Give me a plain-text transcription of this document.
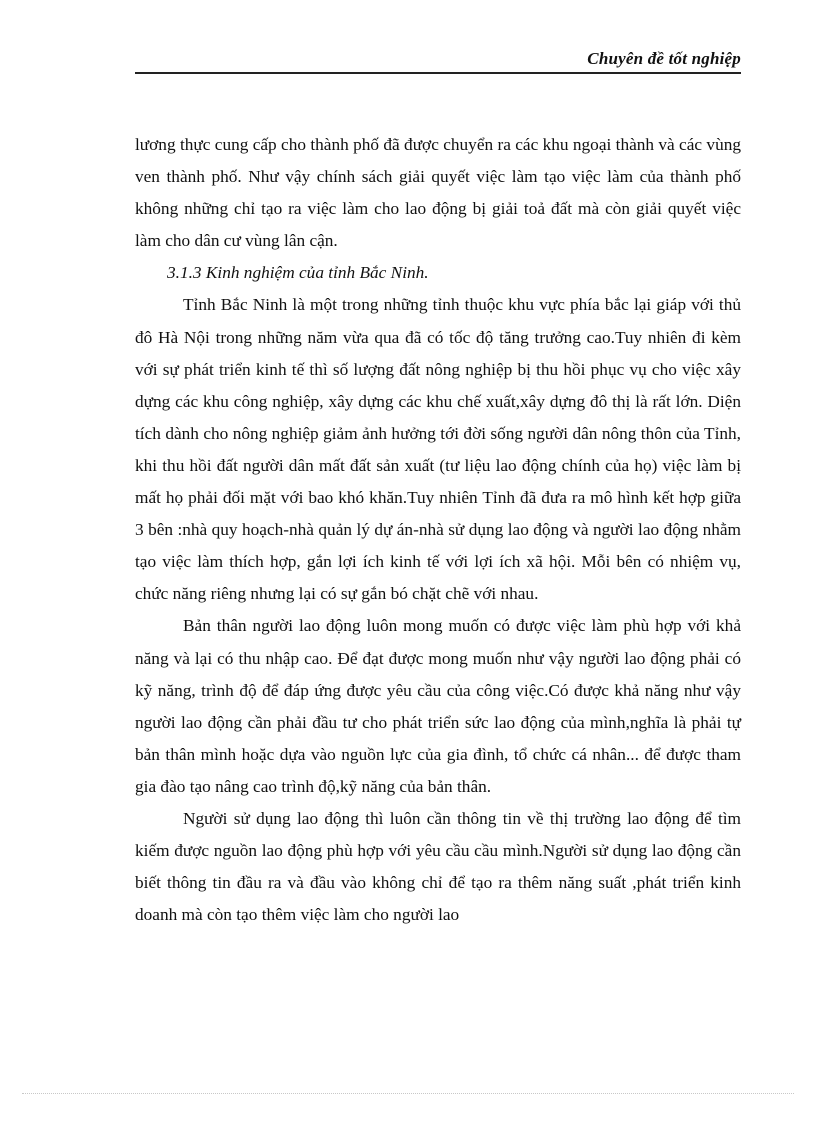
Chuyên đề tốt nghiệp

lương thực cung cấp cho thành phố đã được chuyển ra các khu ngoại thành và các vùng ven thành phố. Như vậy chính sách giải quyết việc làm tạo việc làm của thành phố không những chỉ tạo ra việc làm cho lao động bị giải toả đất mà còn giải quyết việc làm cho dân cư vùng lân cận.

3.1.3 Kinh nghiệm của tỉnh Bắc Ninh.

Tỉnh Bắc Ninh là một trong những tỉnh thuộc khu vực phía bắc lại giáp với thủ đô Hà Nội trong những năm vừa qua đã có tốc độ tăng trưởng cao.Tuy nhiên đi kèm với sự phát triển kinh tế thì số lượng đất nông nghiệp bị thu hồi phục vụ cho việc xây dựng các khu công nghiệp, xây dựng các khu chế xuất,xây dựng đô thị là rất lớn. Diện tích dành cho nông nghiệp giảm ảnh hưởng tới đời sống người dân nông thôn của Tỉnh, khi thu hồi đất người dân mất đất sản xuất (tư liệu lao động chính của họ) việc làm bị mất họ phải đối mặt với bao khó khăn.Tuy nhiên Tỉnh đã đưa ra mô hình kết hợp giữa 3 bên :nhà quy hoạch-nhà quản lý dự án-nhà sử dụng lao động và người lao động nhằm tạo việc làm thích hợp, gắn lợi ích kinh tế với lợi ích xã hội. Mỗi bên có nhiệm vụ, chức năng riêng nhưng lại có sự gắn bó chặt chẽ với nhau.

Bản thân người lao động luôn mong muốn có được việc làm phù hợp với khả năng và lại có thu nhập cao. Để đạt được mong muốn như vậy người lao động phải có kỹ năng, trình độ để đáp ứng được yêu cầu của công việc.Có được khả năng như vậy người lao động cần phải đầu tư cho phát triển sức lao động của mình,nghĩa là phải tự bản thân mình hoặc dựa vào nguồn lực của gia đình, tổ chức cá nhân... để được tham gia đào tạo nâng cao trình độ,kỹ năng của bản thân.

Người sử dụng lao động thì luôn cần thông tin về thị trường lao động để tìm kiếm được nguồn lao động phù hợp với yêu cầu cầu mình.Người sử dụng lao động cần biết thông tin đầu ra và đầu vào không chỉ để tạo ra thêm năng suất ,phát triển kinh doanh mà còn tạo thêm việc làm cho người lao
